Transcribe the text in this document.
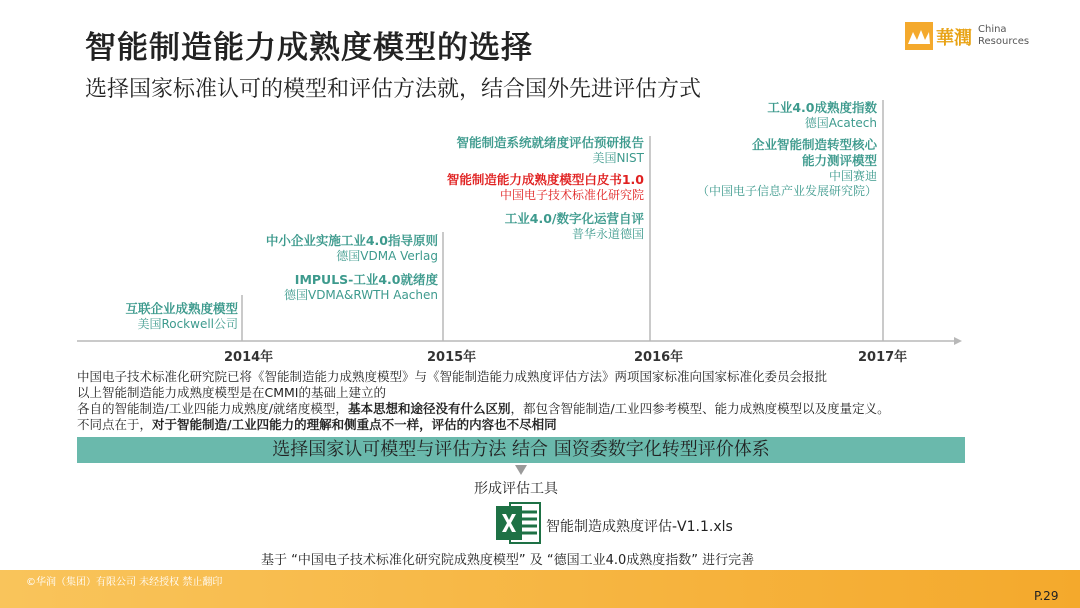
智能制造能力成熟度模型的选择
选择国家标准认可的模型和评估方法就，结合国外先进评估方式
華潤 China
Resources
互联企业成熟度模型
美国Rockwell公司
中小企业实施工业4.0指导原则
德国VDMA Verlag
IMPULS-工业4.0就绪度
德国VDMA&RWTH Aachen
智能制造系统就绪度评估预研报告
美国NIST
智能制造能力成熟度模型白皮书1.0
中国电子技术标准化研究院
工业4.0/数字化运营自评
普华永道德国
工业4.0成熟度指数
德国Acatech
企业智能制造转型核心
能力测评模型
中国赛迪
（中国电子信息产业发展研究院）
2014年	2015年	2016年	2017年
中国电子技术标准化研究院已将《智能制造能力成熟度模型》与《智能制造能力成熟度评估方法》两项国家标准向国家标准化委员会报批
以上智能制造能力成熟度模型是在CMMI的基础上建立的
各自的智能制造/工业四能力成熟度/就绪度模型，基本思想和途径没有什么区别，都包含智能制造/工业四参考模型、能力成熟度模型以及度量定义。
不同点在于，对于智能制造/工业四能力的理解和侧重点不一样，评估的内容也不尽相同
选择国家认可模型与评估方法 结合 国资委数字化转型评价体系
形成评估工具
智能制造成熟度评估-V1.1.xls
基于 “中国电子技术标准化研究院成熟度模型” 及 “德国工业4.0成熟度指数” 进行完善
©华润（集团）有限公司 未经授权 禁止翻印
P.29
